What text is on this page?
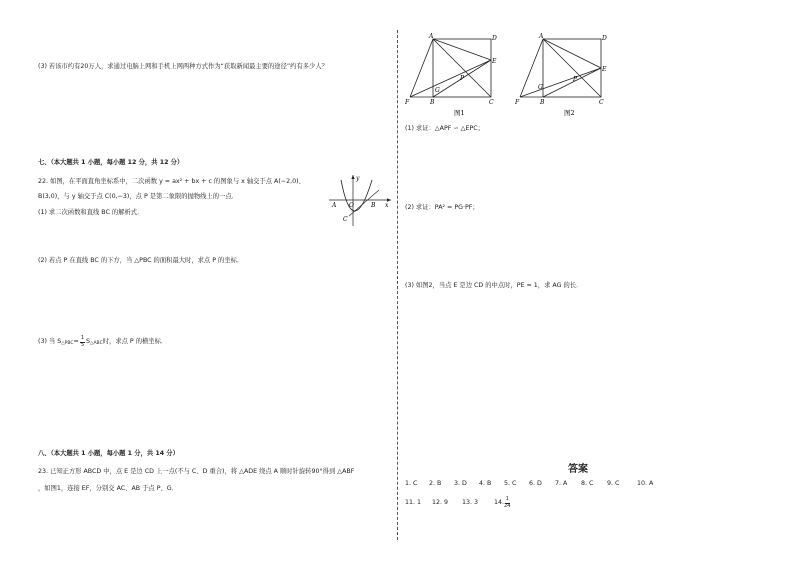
(3) 若该市约有20万人，求通过电脑上网和手机上网两种方式作为“获取新闻最主要的途径”约有多少人？
七、（本大题共 1 小题，每小题 12 分，共 12 分）
22. 如图，在平面直角坐标系中，二次函数 y = ax² + bx + c 的图象与 x 轴交于点 A(−2,0)、
B(3,0)，与 y 轴交于点 C(0,−3)，点 P 是第二象限的抛物线上的一点．
(1) 求二次函数和直线 BC 的解析式．
y
x
A O	B
C
(2) 若点 P 在直线 BC 的下方，当 △PBC 的面积最大时，求点 P 的坐标．
(3) 当 S △PBC = $\frac{1}{5}$ S △ABC 时，求点 P 的横坐标．
八、（本大题共 1 小题，每小题 1 分，共 14 分）
23. 已知正方形 ABCD 中，点 E 是边 CD 上一点(不与 C、D 重合)，将 △ADE 绕点 A 顺时针旋转90°得到 △ABF
，如图1，连接 EF，分别交 AC、AB 于点 P、G．
A	D
E
P
G
F	B	C
图1
A	D
E
P
G
F	B	C
图2
(1) 求证：△APF ∽ △EPC；
(2) 求证：PA² = PG·PF；
(3) 如图2，当点 E 是边 CD 的中点时，PE = 1，求 AG 的长．
答案
1. C	2. B	3. D	4. B	5. C	6. D	7. A	8. C	9. C	10. A
11. 1	12. 9	13. 3	14. $\frac{1}{24}$
